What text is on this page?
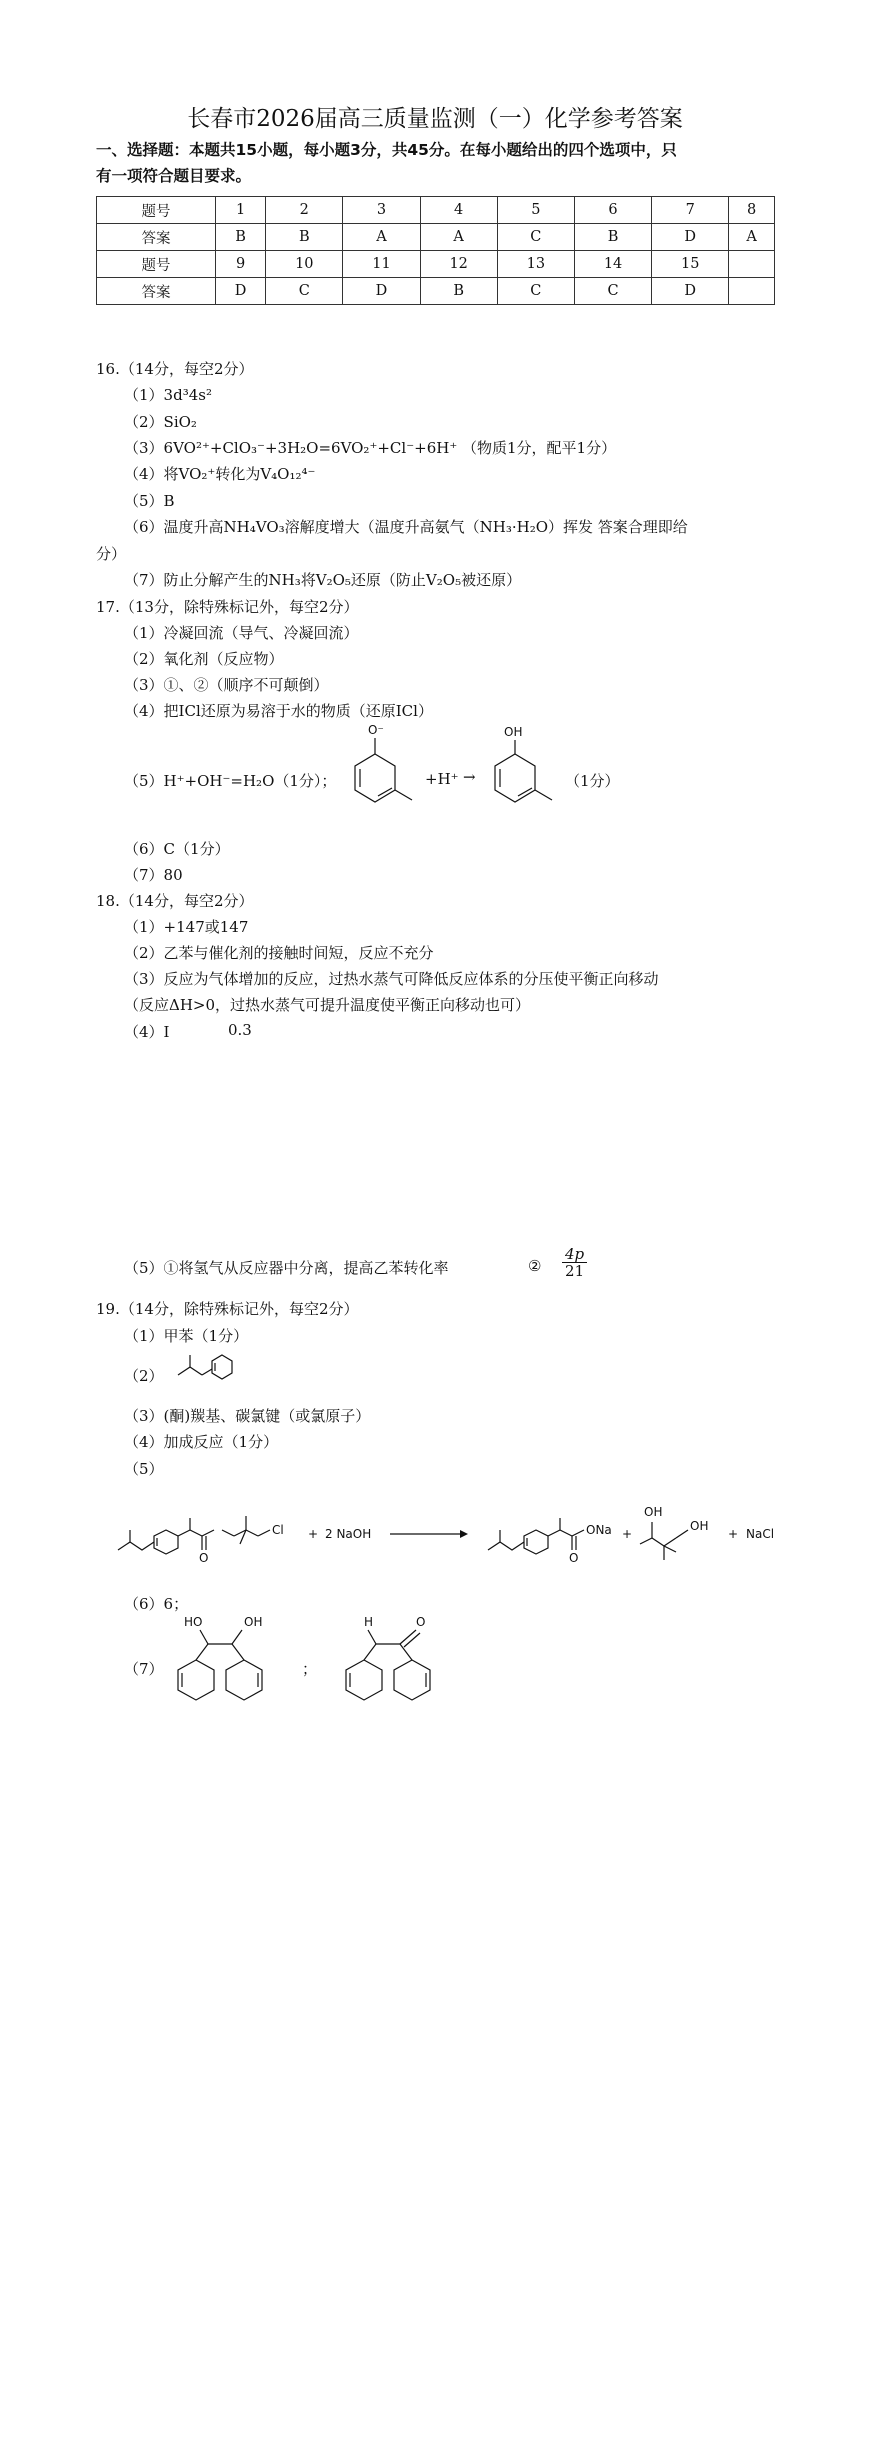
长春市2026届高三质量监测（一）化学参考答案
一、选择题：本题共15小题，每小题3分，共45分。在每小题给出的四个选项中，只
有一项符合题目要求。
题号	1	2	3	4	5	6	7	8
答案	B	B	A	A	C	B	D	A
题号	9	10	11	12	13	14	15	
答案	D	C	D	B	C	C	D	
16.（14分，每空2分）
（1）3d³4s²
（2）SiO₂
（3）6VO²⁺+ClO₃⁻+3H₂O=6VO₂⁺+Cl⁻+6H⁺ （物质1分，配平1分）
（4）将VO₂⁺转化为V₄O₁₂⁴⁻
（5）B
（6）温度升高NH₄VO₃溶解度增大（温度升高氨气（NH₃·H₂O）挥发 答案合理即给
分）
（7）防止分解产生的NH₃将V₂O₅还原（防止V₂O₅被还原）
17.（13分，除特殊标记外，每空2分）
（1）冷凝回流（导气、冷凝回流）
（2）氧化剂（反应物）
（3）①、②（顺序不可颠倒）
（4）把ICl还原为易溶于水的物质（还原ICl）
（5）H⁺+OH⁻=H₂O（1分）；	+H⁺ →	（1分）
O⁻	OH
（6）C（1分）
（7）80
18.（14分，每空2分）
（1）+147或147
（2）乙苯与催化剂的接触时间短，反应不充分
（3）反应为气体增加的反应，过热水蒸气可降低反应体系的分压使平衡正向移动
（反应ΔH>0，过热水蒸气可提升温度使平衡正向移动也可）
（4）Ⅰ	0.3
（5）①将氢气从反应器中分离，提高乙苯转化率	② $\frac{4p}{21}$
19.（14分，除特殊标记外，每空2分）
（1）甲苯（1分）
（2）
（3）(酮)羰基、碳氯键（或氯原子）
（4）加成反应（1分）
（5）
O
Cl + 2 NaOH
O
ONa +
OH
OH
+ NaCl
（6）6；
（7）
HO	OH
；
H	O
